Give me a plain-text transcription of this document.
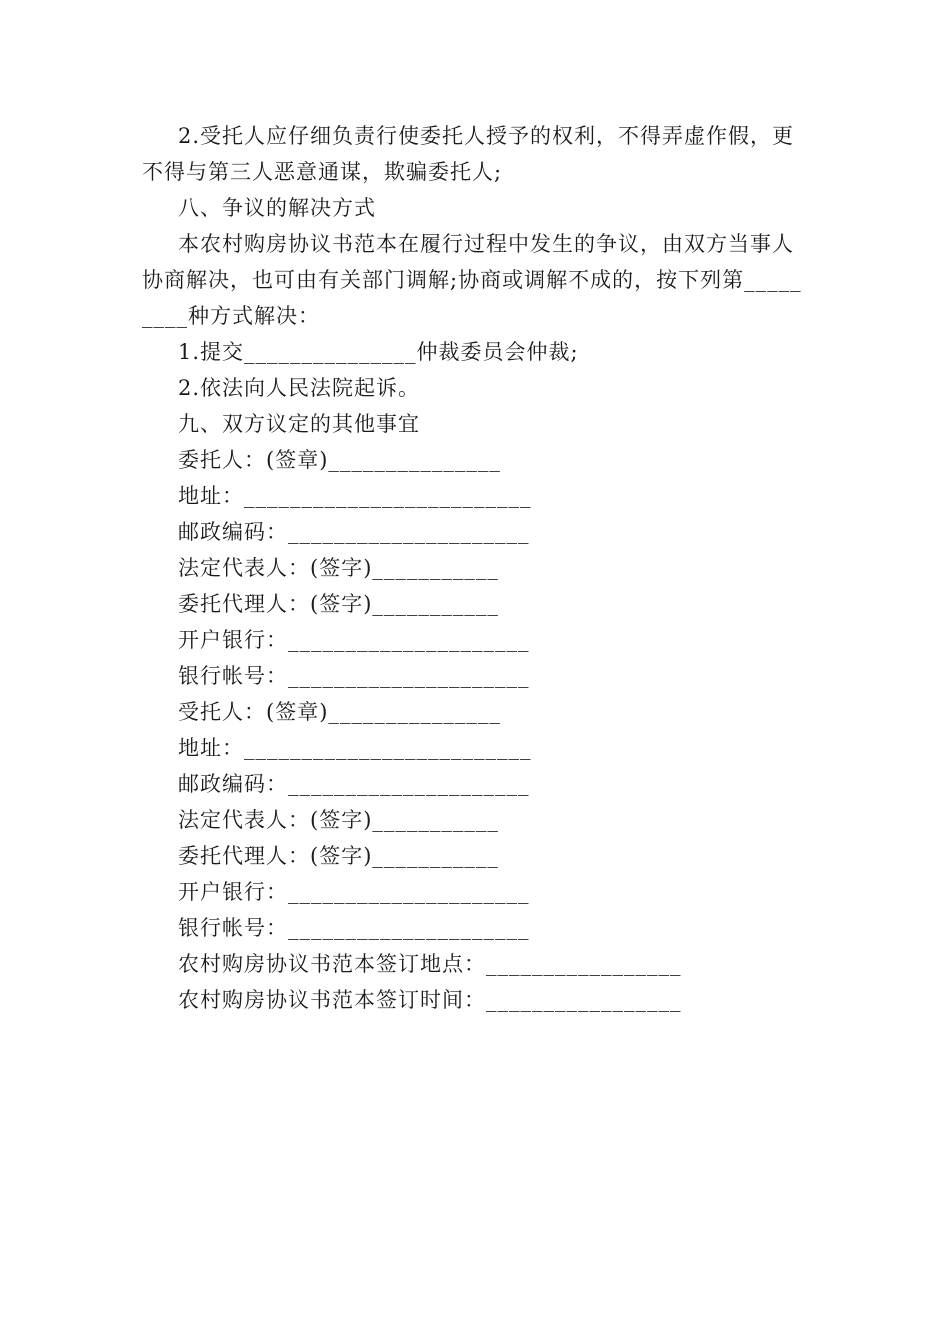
2.受托人应仔细负责行使委托人授予的权利，不得弄虚作假，更
不得与第三人恶意通谋，欺骗委托人;
八、争议的解决方式
本农村购房协议书范本在履行过程中发生的争议，由双方当事人
协商解决，也可由有关部门调解;协商或调解不成的，按下列第_____
____种方式解决：
1.提交_______________仲裁委员会仲裁;
2.依法向人民法院起诉。
九、双方议定的其他事宜
委托人：(签章)_______________
地址：_________________________
邮政编码：_____________________
法定代表人：(签字)___________
委托代理人：(签字)___________
开户银行：_____________________
银行帐号：_____________________
受托人：(签章)_______________
地址：_________________________
邮政编码：_____________________
法定代表人：(签字)___________
委托代理人：(签字)___________
开户银行：_____________________
银行帐号：_____________________
农村购房协议书范本签订地点：_________________
农村购房协议书范本签订时间：_________________
